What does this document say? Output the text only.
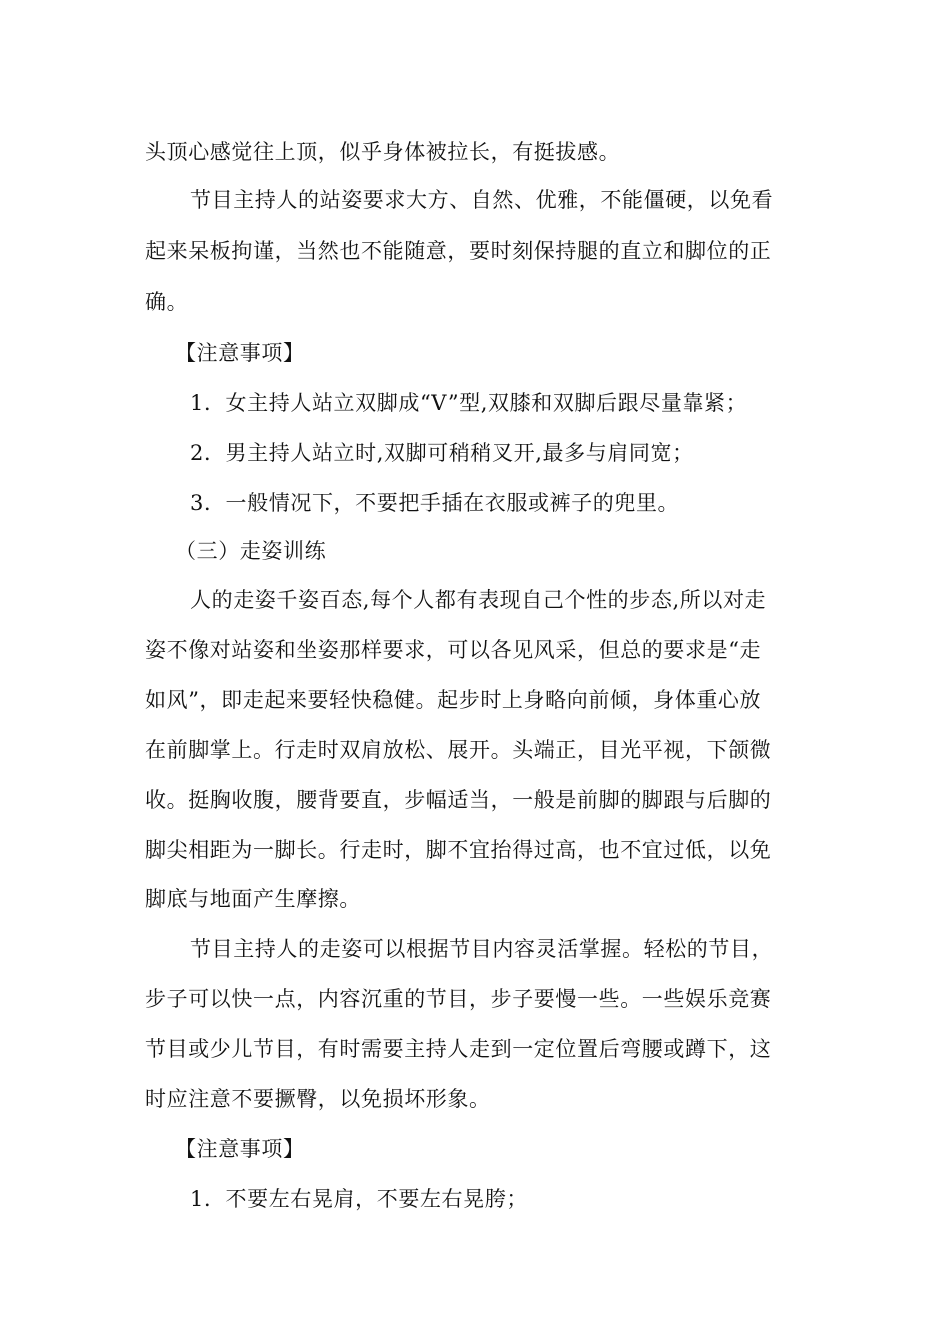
头顶心感觉往上顶，似乎身体被拉长，有挺拔感。
节目主持人的站姿要求大方、自然、优雅，不能僵硬，以免看
起来呆板拘谨，当然也不能随意，要时刻保持腿的直立和脚位的正
确。
【注意事项】
1．女主持人站立双脚成“V”型,双膝和双脚后跟尽量靠紧；
2．男主持人站立时,双脚可稍稍叉开,最多与肩同宽；
3．一般情况下，不要把手插在衣服或裤子的兜里。
（三）走姿训练
人的走姿千姿百态,每个人都有表现自己个性的步态,所以对走
姿不像对站姿和坐姿那样要求，可以各见风采，但总的要求是“走
如风”，即走起来要轻快稳健。起步时上身略向前倾，身体重心放
在前脚掌上。行走时双肩放松、展开。头端正，目光平视，下颌微
收。挺胸收腹，腰背要直，步幅适当，一般是前脚的脚跟与后脚的
脚尖相距为一脚长。行走时，脚不宜抬得过高，也不宜过低，以免
脚底与地面产生摩擦。
节目主持人的走姿可以根据节目内容灵活掌握。轻松的节目，
步子可以快一点，内容沉重的节目，步子要慢一些。一些娱乐竞赛
节目或少儿节目，有时需要主持人走到一定位置后弯腰或蹲下，这
时应注意不要撅臀，以免损坏形象。
【注意事项】
1．不要左右晃肩，不要左右晃胯；
